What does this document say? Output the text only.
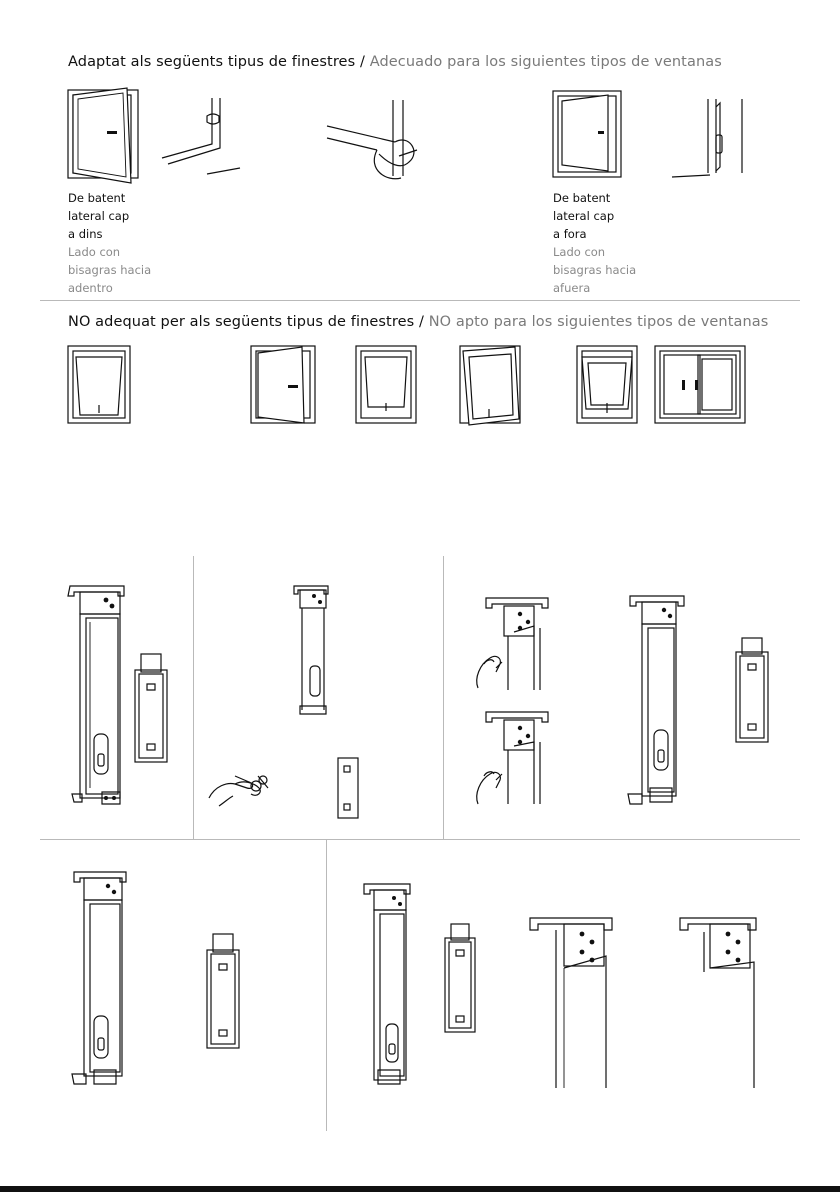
Adaptat als següents tipus de finestres / Adecuado para los siguientes tipos de ventanas
NO adequat per als següents tipus de finestres / NO apto para los siguientes tipos de ventanas
De batent
lateral cap
a dins
Lado con
bisagras hacia
adentro
De batent
lateral cap
a fora
Lado con
bisagras hacia
afuera
